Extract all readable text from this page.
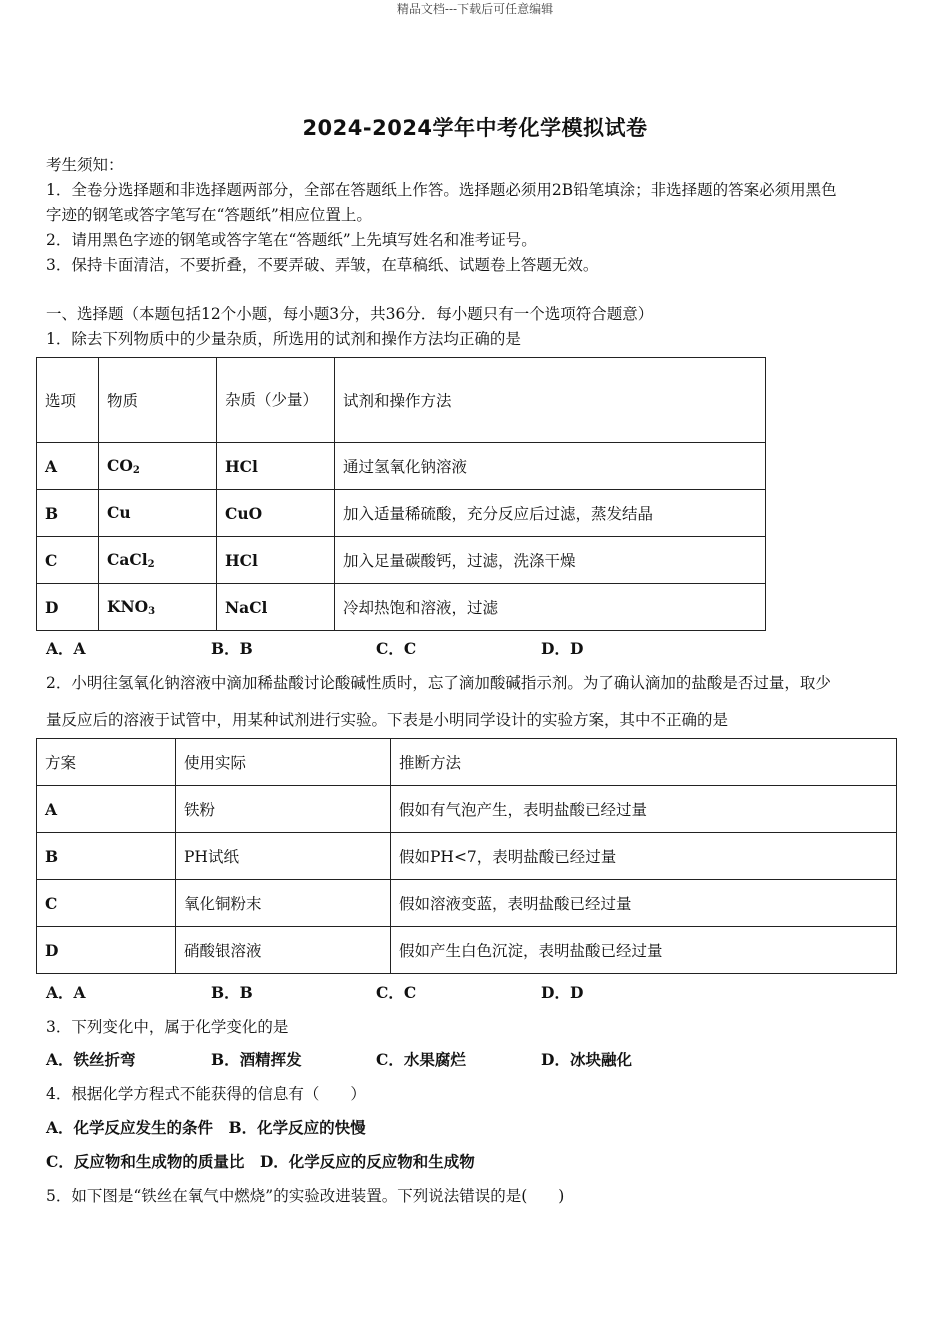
精品文档---下载后可任意编辑
2024-2024学年中考化学模拟试卷
考生须知：
1．全卷分选择题和非选择题两部分，全部在答题纸上作答。选择题必须用2B铅笔填涂；非选择题的答案必须用黑色
字迹的钢笔或答字笔写在“答题纸”相应位置上。
2．请用黑色字迹的钢笔或答字笔在“答题纸”上先填写姓名和准考证号。
3．保持卡面清洁，不要折叠，不要弄破、弄皱，在草稿纸、试题卷上答题无效。
一、选择题（本题包括12个小题，每小题3分，共36分．每小题只有一个选项符合题意）
1．除去下列物质中的少量杂质，所选用的试剂和操作方法均正确的是
选项	物质	杂质（少量）	试剂和操作方法
A	$CO_2$	HCl	通过氢氧化钠溶液
B	Cu	CuO	加入适量稀硫酸，充分反应后过滤，蒸发结晶
C	CaCl$_2$	HCl	加入足量碳酸钙，过滤，洗涤干燥
D	$KNO_3$	NaCl	冷却热饱和溶液，过滤
A．A	B．B	C．C	D．D
2．小明往氢氧化钠溶液中滴加稀盐酸讨论酸碱性质时，忘了滴加酸碱指示剂。为了确认滴加的盐酸是否过量，取少
量反应后的溶液于试管中，用某种试剂进行实验。下表是小明同学设计的实验方案，其中不正确的是
方案	使用实际	推断方法
A	铁粉	假如有气泡产生，表明盐酸已经过量
B	PH试纸	假如PH<7，表明盐酸已经过量
C	氧化铜粉末	假如溶液变蓝，表明盐酸已经过量
D	硝酸银溶液	假如产生白色沉淀，表明盐酸已经过量
A．A	B．B	C．C	D．D
3．下列变化中，属于化学变化的是
A．铁丝折弯	B．酒精挥发	C．水果腐烂	D．冰块融化
4．根据化学方程式不能获得的信息有（　　）
A．化学反应发生的条件　B．化学反应的快慢
C．反应物和生成物的质量比　D．化学反应的反应物和生成物
5．如下图是“铁丝在氧气中燃烧”的实验改进装置。下列说法错误的是(　　)
